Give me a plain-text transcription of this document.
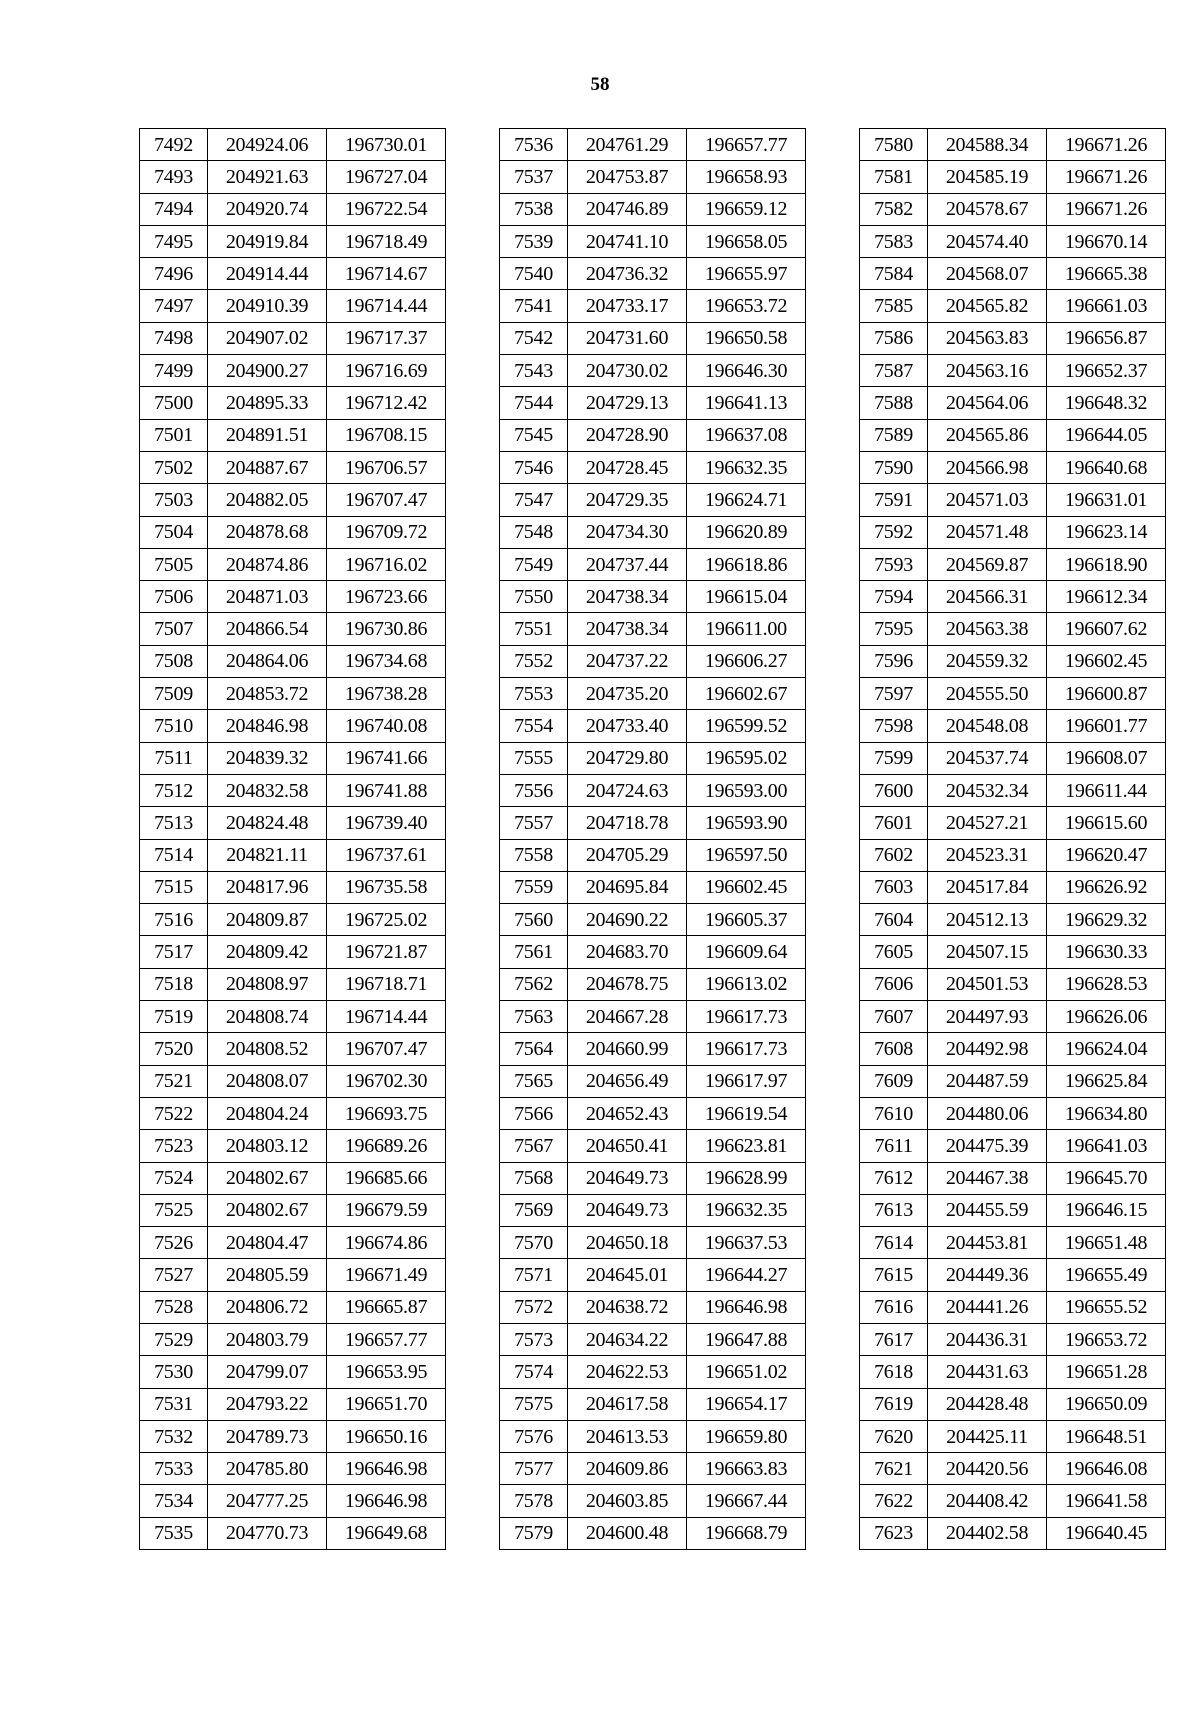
58
7492	204924.06	196730.01
7493	204921.63	196727.04
7494	204920.74	196722.54
7495	204919.84	196718.49
7496	204914.44	196714.67
7497	204910.39	196714.44
7498	204907.02	196717.37
7499	204900.27	196716.69
7500	204895.33	196712.42
7501	204891.51	196708.15
7502	204887.67	196706.57
7503	204882.05	196707.47
7504	204878.68	196709.72
7505	204874.86	196716.02
7506	204871.03	196723.66
7507	204866.54	196730.86
7508	204864.06	196734.68
7509	204853.72	196738.28
7510	204846.98	196740.08
7511	204839.32	196741.66
7512	204832.58	196741.88
7513	204824.48	196739.40
7514	204821.11	196737.61
7515	204817.96	196735.58
7516	204809.87	196725.02
7517	204809.42	196721.87
7518	204808.97	196718.71
7519	204808.74	196714.44
7520	204808.52	196707.47
7521	204808.07	196702.30
7522	204804.24	196693.75
7523	204803.12	196689.26
7524	204802.67	196685.66
7525	204802.67	196679.59
7526	204804.47	196674.86
7527	204805.59	196671.49
7528	204806.72	196665.87
7529	204803.79	196657.77
7530	204799.07	196653.95
7531	204793.22	196651.70
7532	204789.73	196650.16
7533	204785.80	196646.98
7534	204777.25	196646.98
7535	204770.73	196649.68
7536	204761.29	196657.77
7537	204753.87	196658.93
7538	204746.89	196659.12
7539	204741.10	196658.05
7540	204736.32	196655.97
7541	204733.17	196653.72
7542	204731.60	196650.58
7543	204730.02	196646.30
7544	204729.13	196641.13
7545	204728.90	196637.08
7546	204728.45	196632.35
7547	204729.35	196624.71
7548	204734.30	196620.89
7549	204737.44	196618.86
7550	204738.34	196615.04
7551	204738.34	196611.00
7552	204737.22	196606.27
7553	204735.20	196602.67
7554	204733.40	196599.52
7555	204729.80	196595.02
7556	204724.63	196593.00
7557	204718.78	196593.90
7558	204705.29	196597.50
7559	204695.84	196602.45
7560	204690.22	196605.37
7561	204683.70	196609.64
7562	204678.75	196613.02
7563	204667.28	196617.73
7564	204660.99	196617.73
7565	204656.49	196617.97
7566	204652.43	196619.54
7567	204650.41	196623.81
7568	204649.73	196628.99
7569	204649.73	196632.35
7570	204650.18	196637.53
7571	204645.01	196644.27
7572	204638.72	196646.98
7573	204634.22	196647.88
7574	204622.53	196651.02
7575	204617.58	196654.17
7576	204613.53	196659.80
7577	204609.86	196663.83
7578	204603.85	196667.44
7579	204600.48	196668.79
7580	204588.34	196671.26
7581	204585.19	196671.26
7582	204578.67	196671.26
7583	204574.40	196670.14
7584	204568.07	196665.38
7585	204565.82	196661.03
7586	204563.83	196656.87
7587	204563.16	196652.37
7588	204564.06	196648.32
7589	204565.86	196644.05
7590	204566.98	196640.68
7591	204571.03	196631.01
7592	204571.48	196623.14
7593	204569.87	196618.90
7594	204566.31	196612.34
7595	204563.38	196607.62
7596	204559.32	196602.45
7597	204555.50	196600.87
7598	204548.08	196601.77
7599	204537.74	196608.07
7600	204532.34	196611.44
7601	204527.21	196615.60
7602	204523.31	196620.47
7603	204517.84	196626.92
7604	204512.13	196629.32
7605	204507.15	196630.33
7606	204501.53	196628.53
7607	204497.93	196626.06
7608	204492.98	196624.04
7609	204487.59	196625.84
7610	204480.06	196634.80
7611	204475.39	196641.03
7612	204467.38	196645.70
7613	204455.59	196646.15
7614	204453.81	196651.48
7615	204449.36	196655.49
7616	204441.26	196655.52
7617	204436.31	196653.72
7618	204431.63	196651.28
7619	204428.48	196650.09
7620	204425.11	196648.51
7621	204420.56	196646.08
7622	204408.42	196641.58
7623	204402.58	196640.45
